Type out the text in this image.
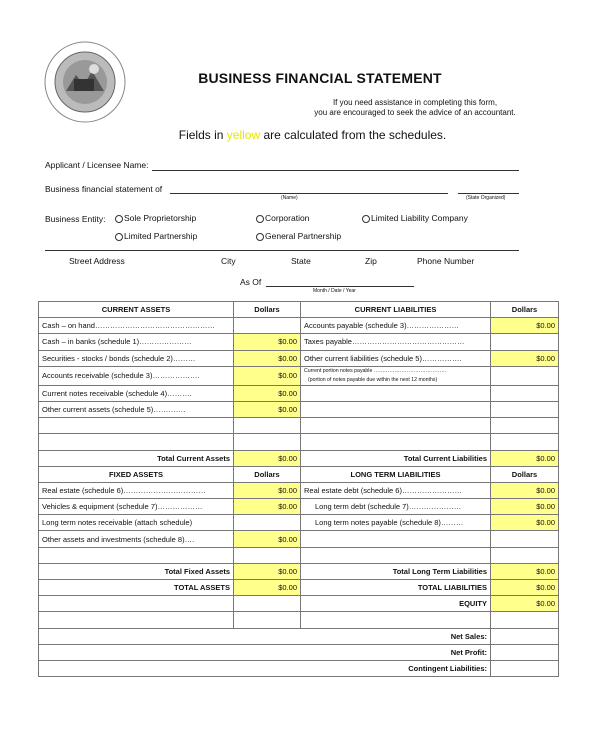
BUSINESS FINANCIAL STATEMENT
If you need assistance in completing this form,
you are encouraged to seek the advice of an accountant.
Fields in yellow are calculated from the schedules.
Applicant / Licensee Name:
Business financial statement of
(Name)	(State Organized)
Business Entity:	Sole Proprietorship	Corporation	Limited Liability Company
Limited Partnership	General Partnership
Street Address	City	State	Zip	Phone Number
As Of
Month / Date / Year
CURRENT ASSETS	Dollars	CURRENT LIABILITIES	Dollars
Cash – on hand…………………………………………		Accounts payable (schedule 3)…………………	$0.00
Cash – in banks (schedule 1)…………………	$0.00	Taxes payable………………………………………	
Securities - stocks / bonds (schedule 2)………	$0.00	Other current liabilities (schedule 5)…………….	$0.00
Accounts receivable (schedule 3)……………….	$0.00	Current portion notes payable ……………………………………
(portion of notes payable due within the next 12 months)	

Current notes receivable (schedule 4)……….	$0.00		
Other current assets (schedule 5)………….	$0.00		

Total Current Assets	$0.00	Total Current Liabilities	$0.00
FIXED ASSETS	Dollars	LONG TERM LIABILITIES	Dollars
Real estate (schedule 6)……………………………	$0.00	Real estate debt (schedule 6)……………………	$0.00
Vehicles & equipment (schedule 7)………………	$0.00	Long term debt (schedule 7)…………………	$0.00
Long term notes receivable (attach schedule)		Long term notes payable (schedule 8)………	$0.00
Other assets and investments (schedule 8)….	$0.00		

Total Fixed Assets	$0.00	Total Long Term Liabilities	$0.00
TOTAL ASSETS	$0.00	TOTAL LIABILITIES	$0.00
		EQUITY	$0.00

Net Sales:			
Net Profit:			
Contingent Liabilities:			
